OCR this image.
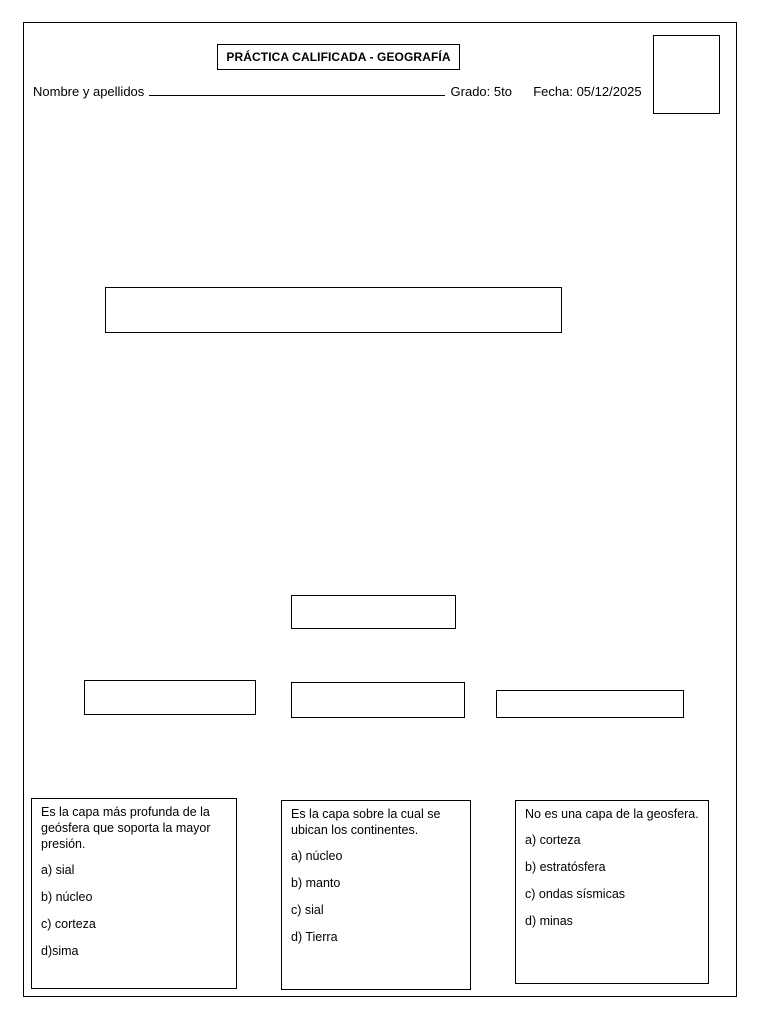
PRÁCTICA CALIFICADA - GEOGRAFÍA
Nombre y apellidos	Grado: 5to Fecha: 05/12/2025

Es la capa más profunda de la geósfera que soporta la mayor presión.

a) sial

b) núcleo

c) corteza

d)sima

Es la capa sobre la cual se ubican los continentes.

a) núcleo

b) manto

c) sial

d) Tierra

No es una capa de la geosfera.

a) corteza

b) estratósfera

c) ondas sísmicas

d) minas
